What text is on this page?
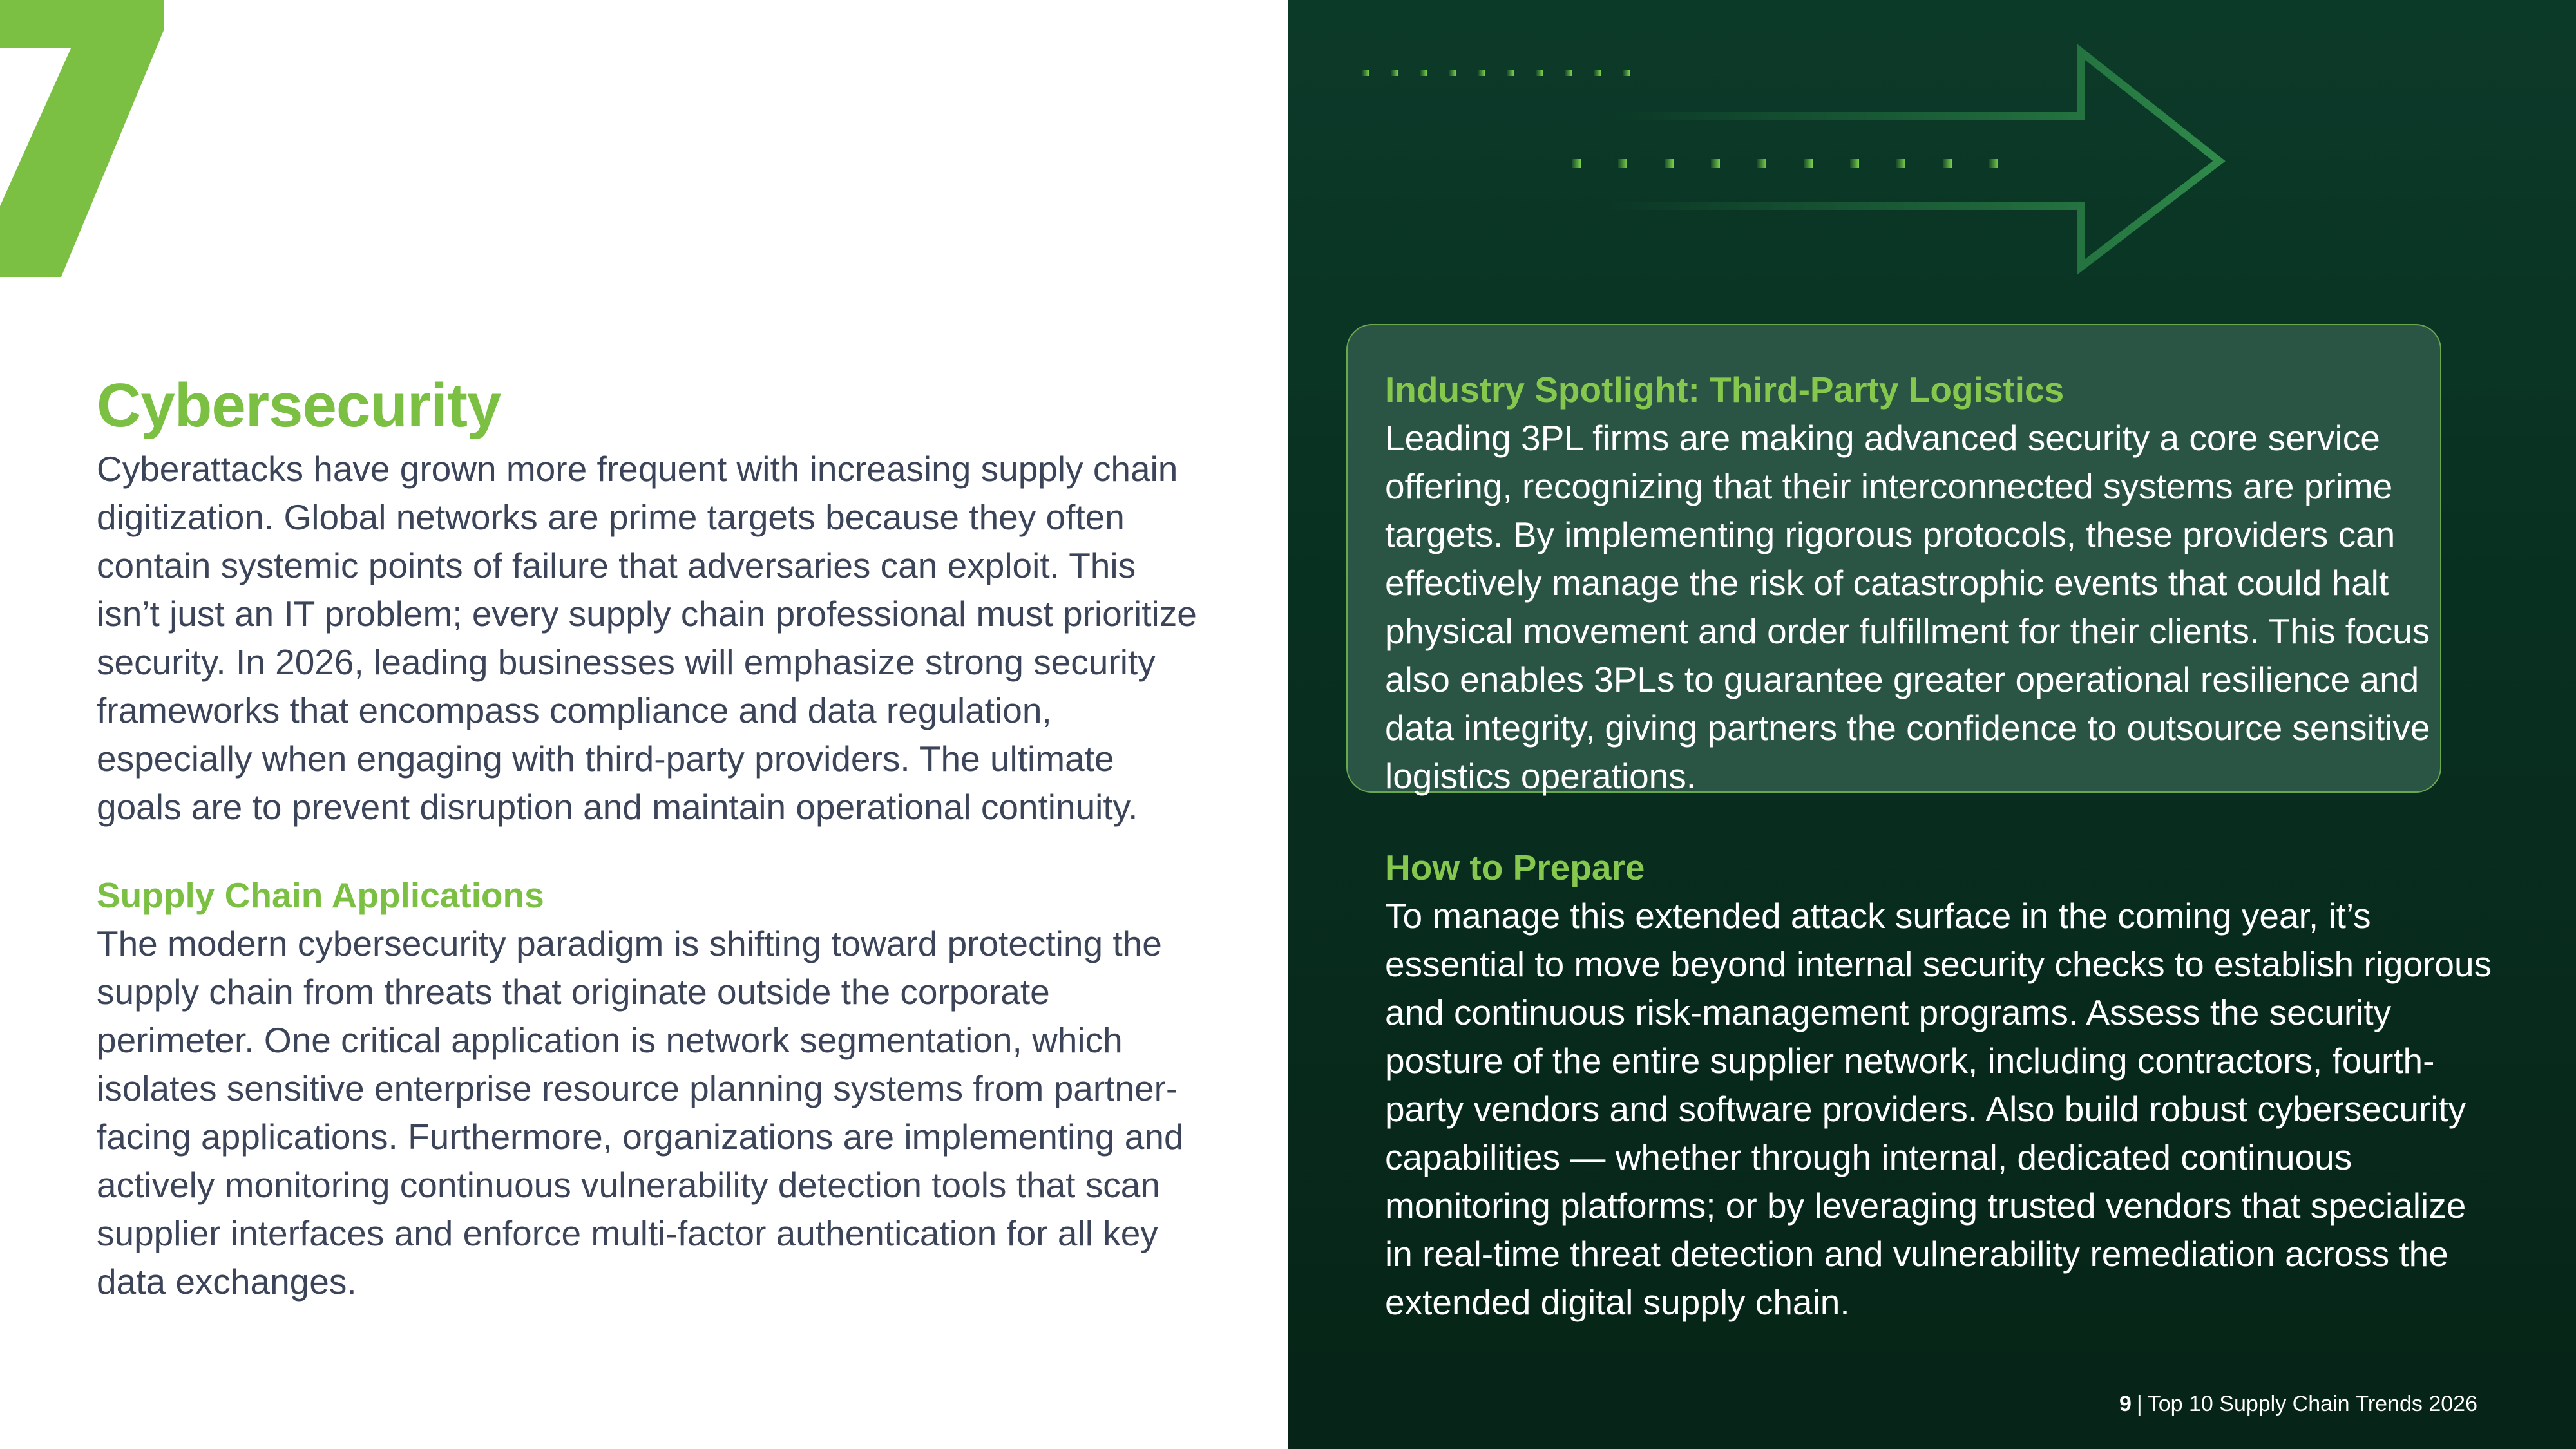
Cybersecurity

Cyberattacks have grown more frequent with increasing supply chain digitization. Global networks are prime targets because they often contain systemic points of failure that adversaries can exploit. This isn’t just an IT problem; every supply chain professional must prioritize security. In 2026, leading businesses will emphasize strong security frameworks that encompass compliance and data regulation, especially when engaging with third-party providers. The ultimate goals are to prevent disruption and maintain operational continuity.

Supply Chain Applications

The modern cybersecurity paradigm is shifting toward protecting the supply chain from threats that originate outside the corporate perimeter. One critical application is network segmentation, which isolates sensitive enterprise resource planning systems from partner-facing applications. Furthermore, organizations are implementing and actively monitoring continuous vulnerability detection tools that scan supplier interfaces and enforce multi-factor authentication for all key data exchanges.

Industry Spotlight: Third-Party Logistics

Leading 3PL firms are making advanced security a core service offering, recognizing that their interconnected systems are prime targets. By implementing rigorous protocols, these providers can effectively manage the risk of catastrophic events that could halt physical movement and order fulfillment for their clients. This focus also enables 3PLs to guarantee greater operational resilience and data integrity, giving partners the confidence to outsource sensitive logistics operations.

How to Prepare

To manage this extended attack surface in the coming year, it’s essential to move beyond internal security checks to establish rigorous and continuous risk-management programs. Assess the security posture of the entire supplier network, including contractors, fourth-party vendors and software providers. Also build robust cybersecurity capabilities — whether through internal, dedicated continuous monitoring platforms; or by leveraging trusted vendors that specialize in real-time threat detection and vulnerability remediation across the extended digital supply chain.

9 | Top 10 Supply Chain Trends 2026
